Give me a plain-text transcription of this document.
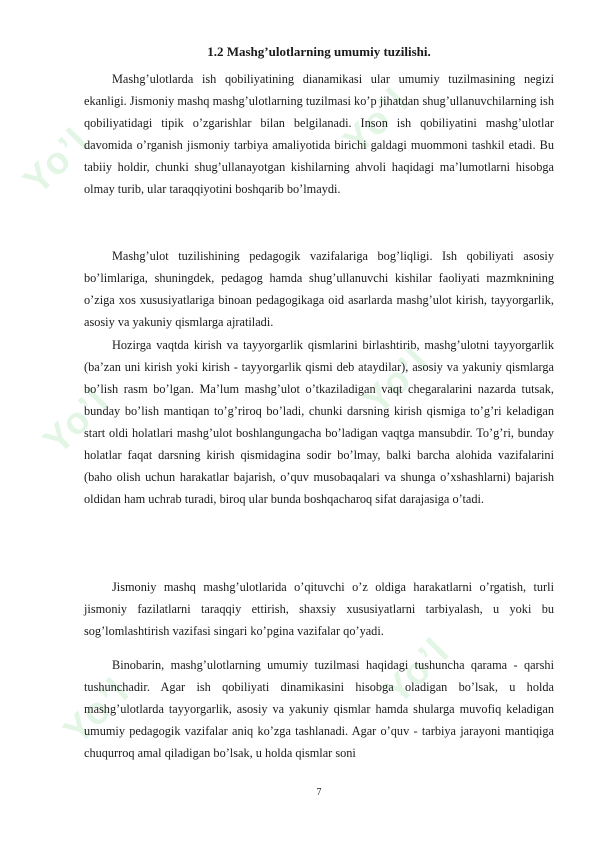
1.2 Mashg’ulotlarning umumiy tuzilishi.

Mashg’ulotlarda ish qobiliyatining dianamikasi ular umumiy tuzilmasining negizi ekanligi. Jismoniy mashq mashg’ulotlarning tuzilmasi ko’p jihatdan shug’ullanuvchilarning ish qobiliyatidagi tipik o’zgarishlar bilan belgilanadi. Inson ish qobiliyatini mashg’ulotlar davomida o’rganish jismoniy tarbiya amaliyotida birichi galdagi muommoni tashkil etadi. Bu tabiiy holdir, chunki shug’ullanayotgan kishilarning ahvoli haqidagi ma’lumotlarni hisobga olmay turib, ular taraqqiyotini boshqarib bo’lmaydi.

Mashg’ulot tuzilishining pedagogik vazifalariga bog’liqligi. Ish qobiliyati asosiy bo’limlariga, shuningdek, pedagog hamda shug’ullanuvchi kishilar faoliyati mazmknining o’ziga xos xususiyatlariga binoan pedagogikaga oid asarlarda mashg’ulot kirish, tayyorgarlik, asosiy va yakuniy qismlarga ajratiladi.

Hozirga vaqtda kirish va tayyorgarlik qismlarini birlashtirib, mashg’ulotni tayyorgarlik (ba’zan uni kirish yoki kirish - tayyorgarlik qismi deb ataydilar), asosiy va yakuniy qismlarga bo’lish rasm bo’lgan. Ma’lum mashg’ulot o’tkaziladigan vaqt chegaralarini nazarda tutsak, bunday bo’lish mantiqan to’g’riroq bo’ladi, chunki darsning kirish qismiga to’g’ri keladigan start oldi holatlari mashg’ulot boshlangungacha bo’ladigan vaqtga mansubdir. To’g’ri, bunday holatlar faqat darsning kirish qismidagina sodir bo’lmay, balki barcha alohida vazifalarini (baho olish uchun harakatlar bajarish, o’quv musobaqalari va shunga o’xshashlarni) bajarish oldidan ham uchrab turadi, biroq ular bunda boshqacharoq sifat darajasiga o’tadi.

Jismoniy mashq mashg’ulotlarida o’qituvchi o’z oldiga harakatlarni o’rgatish, turli jismoniy fazilatlarni taraqqiy ettirish, shaxsiy xususiyatlarni tarbiyalash, u yoki bu sog’lomlashtirish vazifasi singari ko’pgina vazifalar qo’yadi.

Binobarin, mashg’ulotlarning umumiy tuzilmasi haqidagi tushuncha qarama - qarshi tushunchadir. Agar ish qobiliyati dinamikasini hisobga oladigan bo’lsak, u holda mashg’ulotlarda tayyorgarlik, asosiy va yakuniy qismlar hamda shularga muvofiq keladigan umumiy pedagogik vazifalar aniq ko’zga tashlanadi. Agar o’quv - tarbiya jarayoni mantiqiga chuqurroq amal qiladigan bo’lsak, u holda qismlar soni

7
Yo’l	Yo’l
Yo’l	Yo’l
Yo’l	Yo’l
